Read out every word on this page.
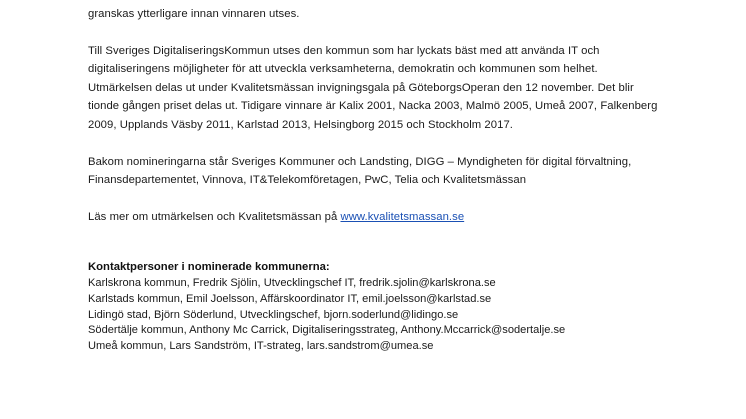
granskas ytterligare innan vinnaren utses.

Till Sveriges DigitaliseringsKommun utses den kommun som har lyckats bäst med att använda IT och digitaliseringens möjligheter för att utveckla verksamheterna, demokratin och kommunen som helhet. Utmärkelsen delas ut under Kvalitetsmässan invigningsgala på GöteborgsOperan den 12 november. Det blir tionde gången priset delas ut. Tidigare vinnare är Kalix 2001, Nacka 2003, Malmö 2005, Umeå 2007, Falkenberg 2009, Upplands Väsby 2011, Karlstad 2013, Helsingborg 2015 och Stockholm 2017.

Bakom nomineringarna står Sveriges Kommuner och Landsting, DIGG – Myndigheten för digital förvaltning, Finansdepartementet, Vinnova, IT&Telekomföretagen, PwC, Telia och Kvalitetsmässan

Läs mer om utmärkelsen och Kvalitetsmässan på www.kvalitetsmassan.se

Kontaktpersoner i nominerade kommunerna:

Karlskrona kommun, Fredrik Sjölin, Utvecklingschef IT, fredrik.sjolin@karlskrona.se

Karlstads kommun, Emil Joelsson, Affärskoordinator IT, emil.joelsson@karlstad.se

Lidingö stad, Björn Söderlund, Utvecklingschef, bjorn.soderlund@lidingo.se

Södertälje kommun, Anthony Mc Carrick, Digitaliseringsstrateg, Anthony.Mccarrick@sodertalje.se

Umeå kommun, Lars Sandström, IT-strateg, lars.sandstrom@umea.se
